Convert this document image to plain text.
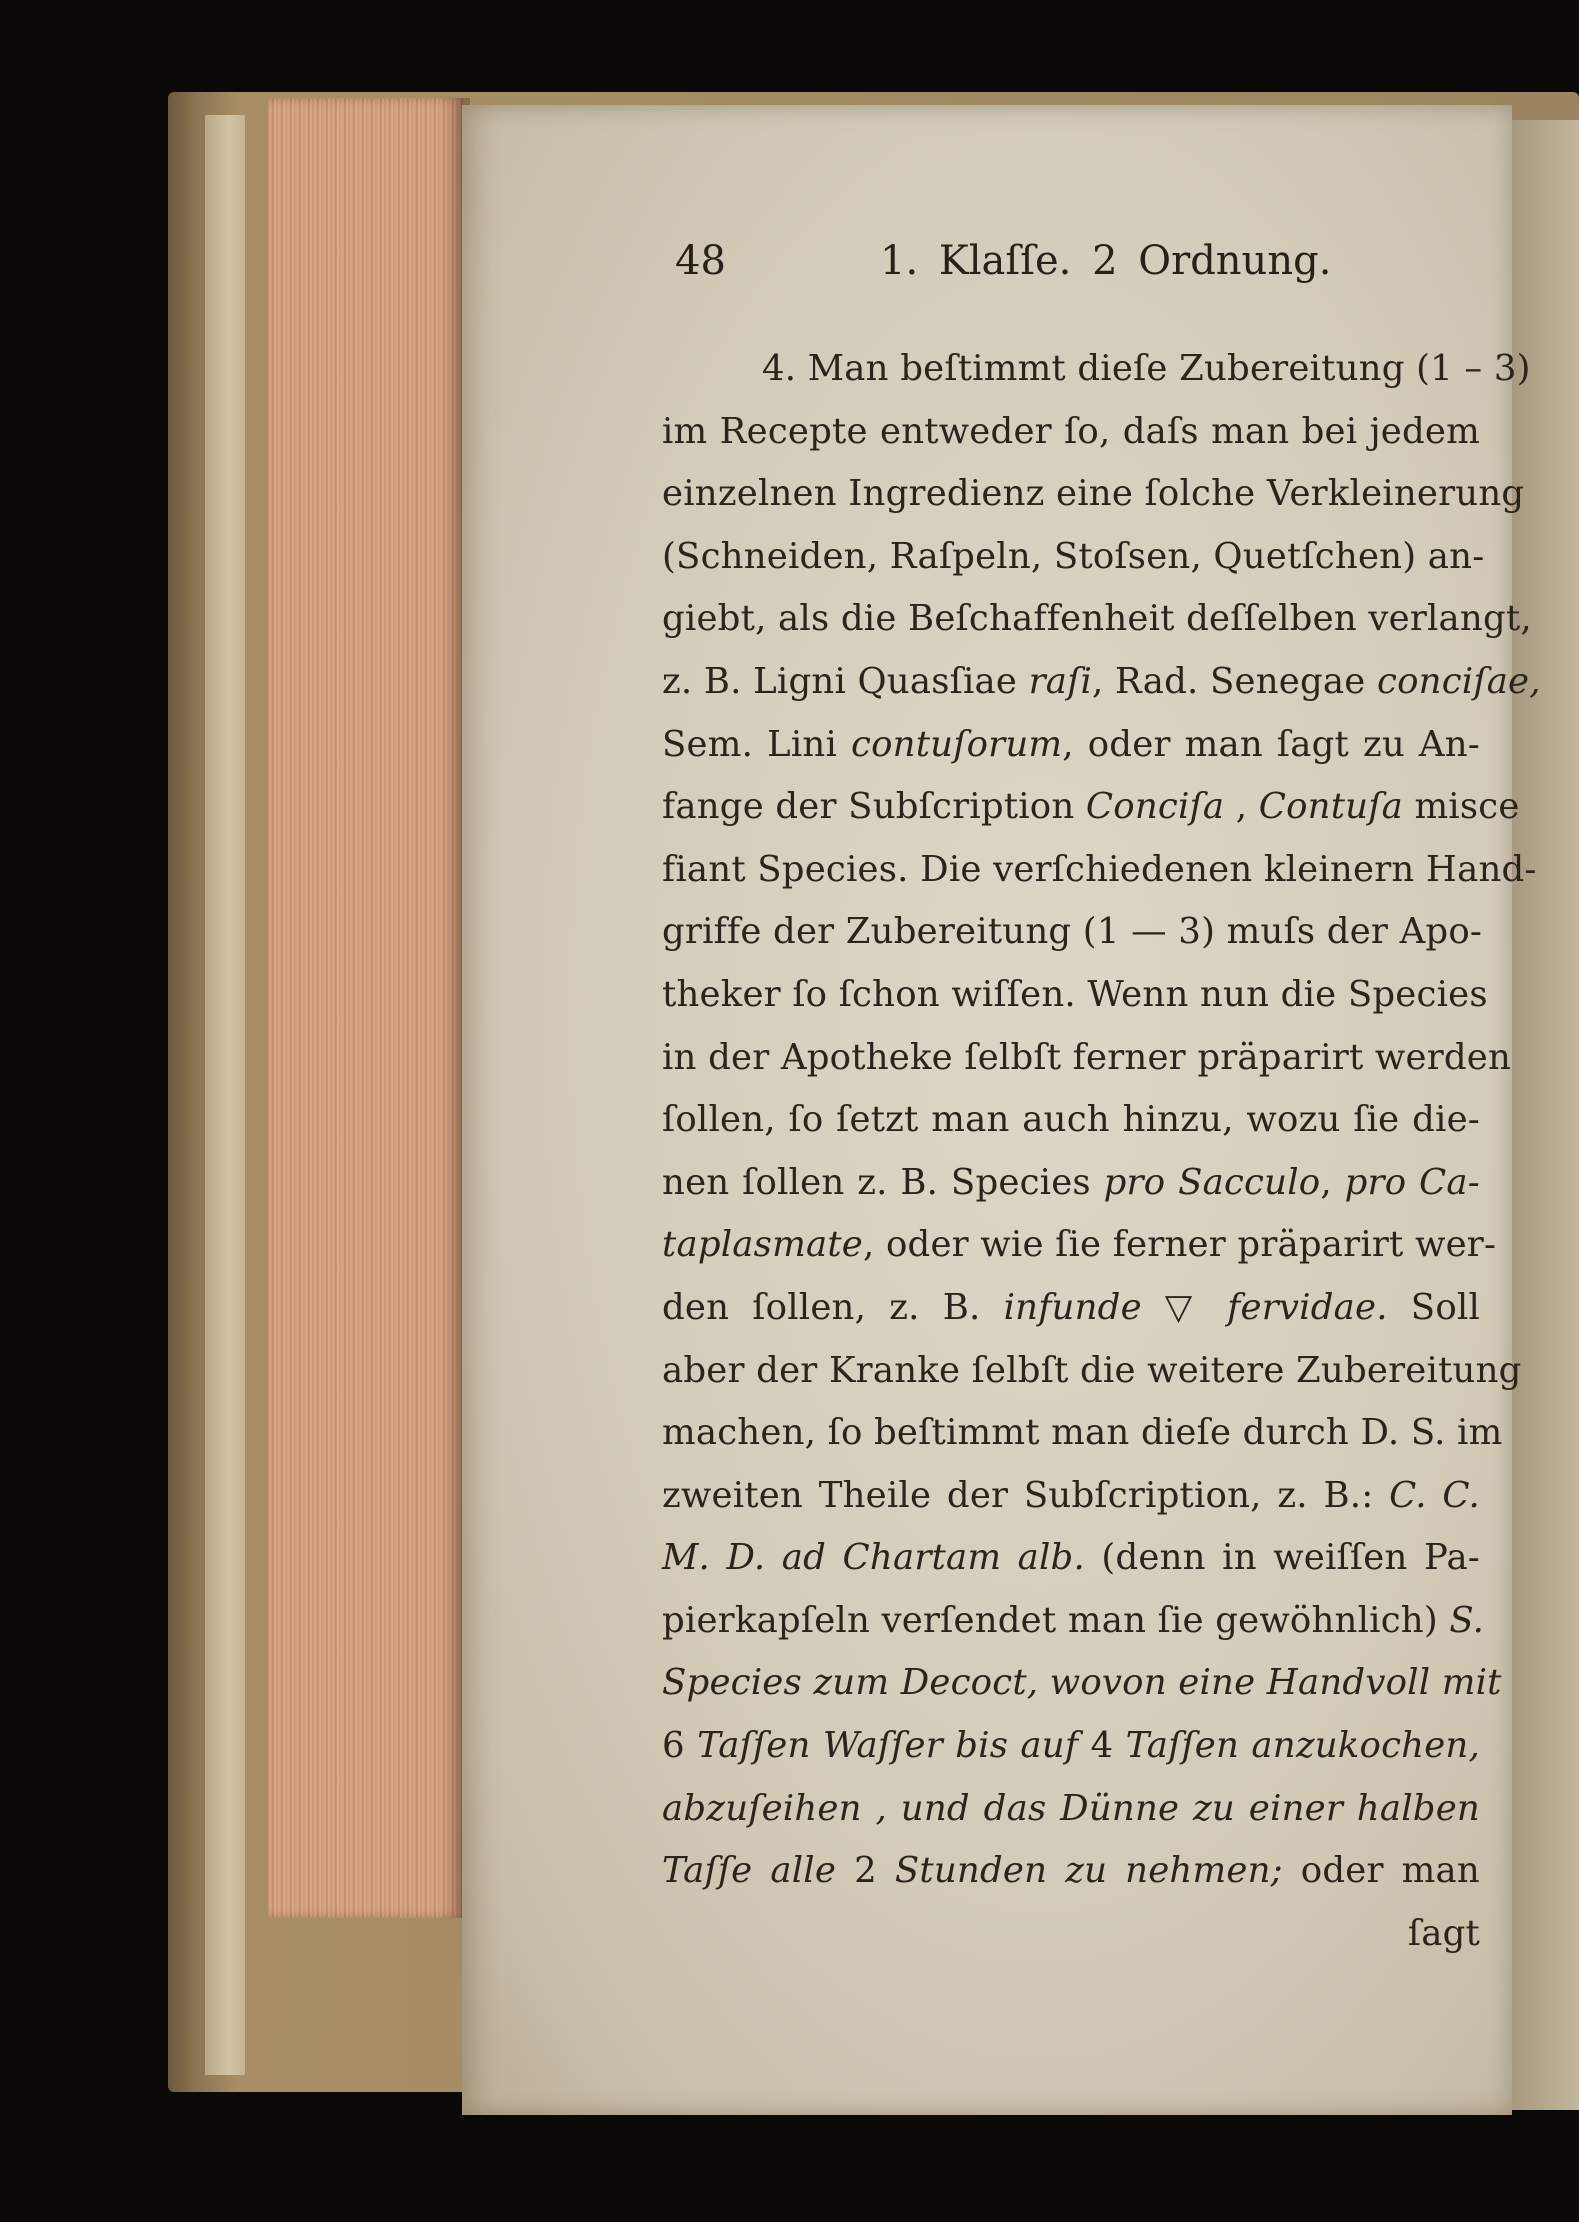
48	1. Klaſſe. 2 Ordnung.
4. Man beſtimmt dieſe Zubereitung (1 – 3)
im Recepte entweder ſo, daſs man bei jedem
einzelnen Ingredienz eine ſolche Verkleinerung
(Schneiden, Raſpeln, Stoſsen, Quetſchen) an-
giebt, als die Beſchaffenheit deſſelben verlangt,
z. B. Ligni Quasſiae raſi, Rad. Senegae conciſae,
Sem. Lini contuſorum, oder man ſagt zu An-
fange der Subſcription Conciſa , Contuſa misce
fiant Species. Die verſchiedenen kleinern Hand-
griffe der Zubereitung (1 — 3) muſs der Apo-
theker ſo ſchon wiſſen. Wenn nun die Species
in der Apotheke ſelbſt ferner präparirt werden
ſollen, ſo ſetzt man auch hinzu, wozu ſie die-
nen ſollen z. B. Species pro Sacculo, pro Ca-
taplasmate, oder wie ſie ferner präparirt wer-
den ſollen, z. B. infunde ▽ fervidae. Soll
aber der Kranke ſelbſt die weitere Zubereitung
machen, ſo beſtimmt man dieſe durch D. S. im
zweiten Theile der Subſcription, z. B.: C. C.
M. D. ad Chartam alb. (denn in weiſſen Pa-
pierkapſeln verſendet man ſie gewöhnlich) S.
Species zum Decoct, wovon eine Handvoll mit
6 Taſſen Waſſer bis auf 4 Taſſen anzukochen,
abzuſeihen , und das Dünne zu einer halben
Taſſe alle 2 Stunden zu nehmen; oder man
ſagt
